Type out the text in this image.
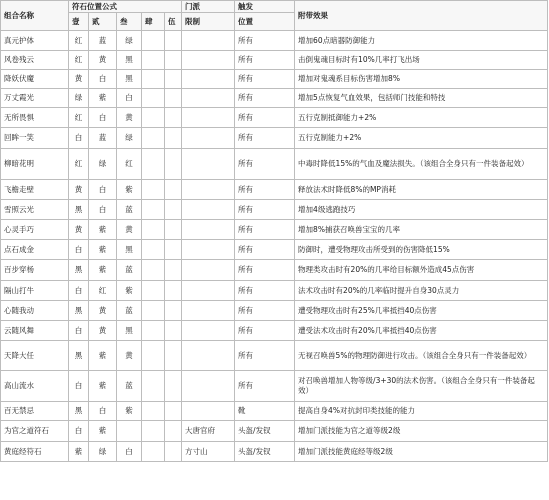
组合名称	符石位置公式					门派	触发	附带效果
	壹	贰	叁	肆	伍	限制	位置	
真元护体	红	蓝	绿				所有	增加60点暗器防御能力
风卷残云	红	黄	黑				所有	击倒鬼魂目标时有10%几率打飞出场
降妖伏魔	黄	白	黑				所有	增加对鬼魂系目标伤害增加8%
万丈霞光	绿	紫	白				所有	增加5点恢复气血效果，包括师门技能和特技
无所畏惧	红	白	黄				所有	五行克制抵御能力+2%
回眸一笑	白	蓝	绿				所有	五行克制能力+2%
柳暗花明	红	绿	红				所有	中毒时降低15%的气血及魔法损失。（该组合全身只有一件装备起效）
飞檐走壁	黄	白	紫				所有	释放法术时降低8%的MP消耗
雪照云光	黑	白	蓝				所有	增加4级逃跑技巧
心灵手巧	黄	紫	黄				所有	增加8%捕获召唤兽宝宝的几率
点石成金	白	紫	黑				所有	防御时，遭受物理攻击所受到的伤害降低15%
百步穿杨	黑	紫	蓝				所有	物理类攻击时有20%的几率给目标额外造成45点伤害
隔山打牛	白	红	紫				所有	法术攻击时有20%的几率临时提升自身30点灵力
心随我动	黑	黄	蓝				所有	遭受物理攻击时有25%几率抵挡40点伤害
云随风舞	白	黄	黑				所有	遭受法术攻击时有20%几率抵挡40点伤害
天降大任	黑	紫	黄				所有	无视召唤兽5%的物理防御进行攻击。（该组合全身只有一件装备起效）
高山流水	白	紫	蓝				所有	对召唤兽增加人物等级/3+30的法术伤害。（该组合全身只有一件装备起效）
百无禁忌	黑	白	紫				靴	提高自身4%对抗封印类技能的能力
为官之道符石	白	紫				大唐官府	头盔/发钗	增加门派技能为官之道等级2级
黄庭经符石	紫	绿	白			方寸山	头盔/发钗	增加门派技能黄庭经等级2级
